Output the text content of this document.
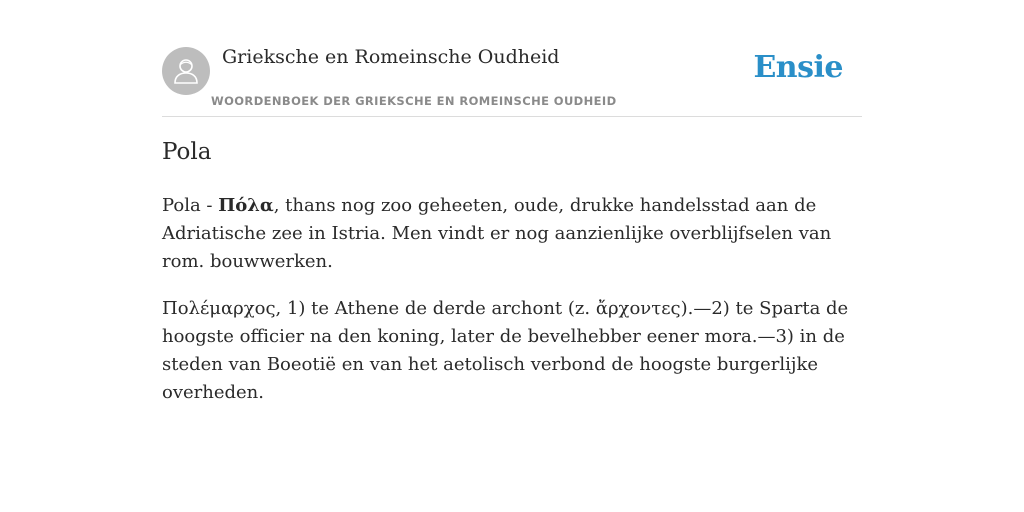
Grieksche en Romeinsche Oudheid
WOORDENBOEK DER GRIEKSCHE EN ROMEINSCHE OUDHEID
Ensie
Pola

Pola - Πόλα, thans nog zoo geheeten, oude, drukke handelsstad aan de Adriatische zee in Istria. Men vindt er nog aanzienlijke overblijfselen van rom. bouwwerken.

Πολέμαρχος, 1) te Athene de derde archont (z. ἄρχοντες).—2) te Sparta de hoogste officier na den koning, later de bevelhebber eener mora.—3) in de steden van Boeotië en van het aetolisch verbond de hoogste burgerlijke overheden.
